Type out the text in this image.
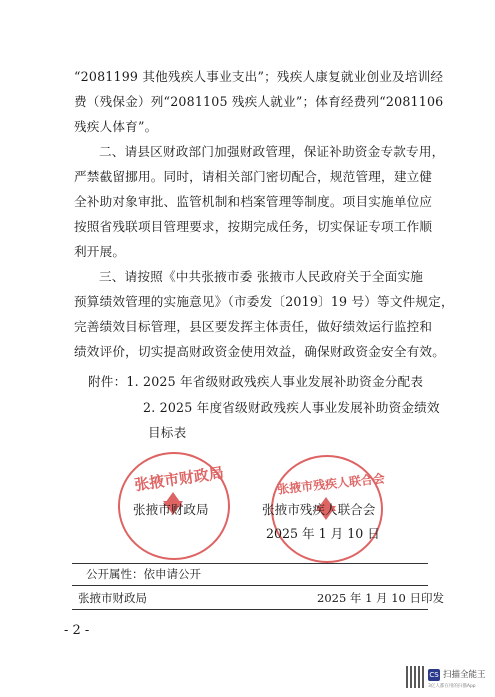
“2081199 其他残疾人事业支出”；残疾人康复就业创业及培训经
费（残保金）列“2081105 残疾人就业”；体育经费列“2081106
残疾人体育”。
二、请县区财政部门加强财政管理，保证补助资金专款专用，
严禁截留挪用。同时，请相关部门密切配合，规范管理，建立健
全补助对象审批、监管机制和档案管理等制度。项目实施单位应
按照省残联项目管理要求，按期完成任务，切实保证专项工作顺
利开展。
三、请按照《中共张掖市委 张掖市人民政府关于全面实施
预算绩效管理的实施意见》（市委发〔2019〕19 号）等文件规定，
完善绩效目标管理，县区要发挥主体责任，做好绩效运行监控和
绩效评价，切实提高财政资金使用效益，确保财政资金安全有效。
附件：1. 2025 年省级财政残疾人事业发展补助资金分配表
2. 2025 年度省级财政残疾人事业发展补助资金绩效
目标表
张掖市财政局	张掖市残疾人联合会
张掖市财政局	张掖市残疾人联合会
2025 年 1 月 10 日
公开属性：依申请公开
张掖市财政局	2025 年 1 月 10 日印发
- 2 -
CS 扫描全能王
3亿人都在用的扫描App
